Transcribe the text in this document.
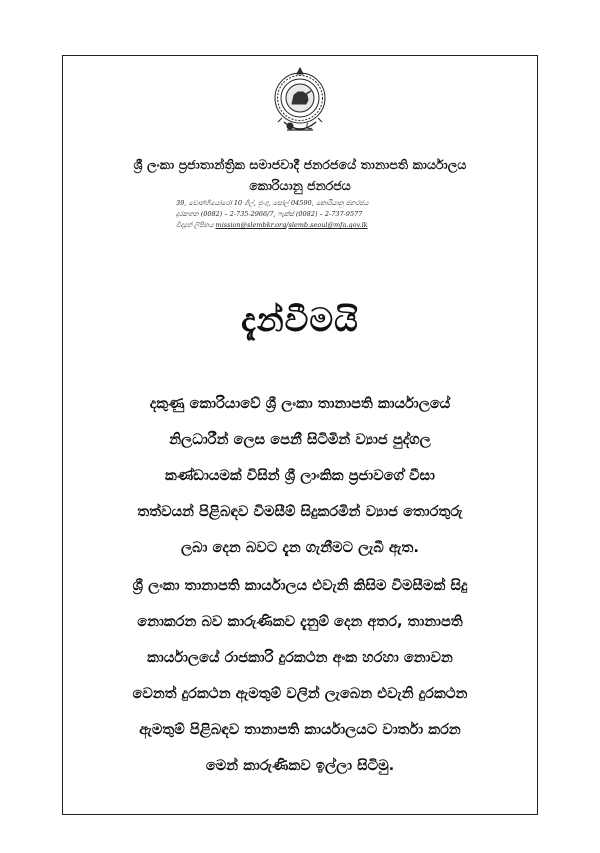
ශ්‍රී ලංකා ප්‍රජාතාන්ත්‍රික සමාජවාදී ජනරජයේ තානාපති කාර්යාලය
කොරියානු ජනරජය
39, වොන්හියෝරෝ 10 ගිල්, ජුංගු, සෝල් 04590, කොරියානු ජනරජය
දුරකතන (0082) – 2-735-2966/7, ෆැක්ස් (0082) – 2-737-9577
විද්‍යුත් ලිපිනය mission@slembkr.org/slemb.seoul@mfa.gov.lk
දැන්වීමයි
දකුණු කොරියාවේ ශ්‍රී ලංකා තානාපති කාර්යාලයේ
නිලධාරීන් ලෙස පෙනී සිටිමින් ව්‍යාජ පුද්ගල
කණ්ඩායමක් විසින් ශ්‍රී ලාංකික ප්‍රජාවගේ වීසා
තත්වයන් පිළිබඳව විමසීම් සිදුකරමින් ව්‍යාජ තොරතුරු
ලබා දෙන බවට දැන ගැනීමට ලැබී ඇත.
ශ්‍රී ලංකා තානාපති කාර්යාලය එවැනි කිසිම විමසීමක් සිදු
නොකරන බව කාරුණිකව දැනුම් දෙන අතර, තානාපති
කාර්යාලයේ රාජකාරි දුරකථන අංක හරහා නොවන
වෙනත් දුරකථන ඇමතුම් වලින් ලැබෙන එවැනි දුරකථන
ඇමතුම් පිළිබඳව තානාපති කාර්යාලයට වාර්තා කරන
මෙන් කාරුණිකව ඉල්ලා සිටිමු.
